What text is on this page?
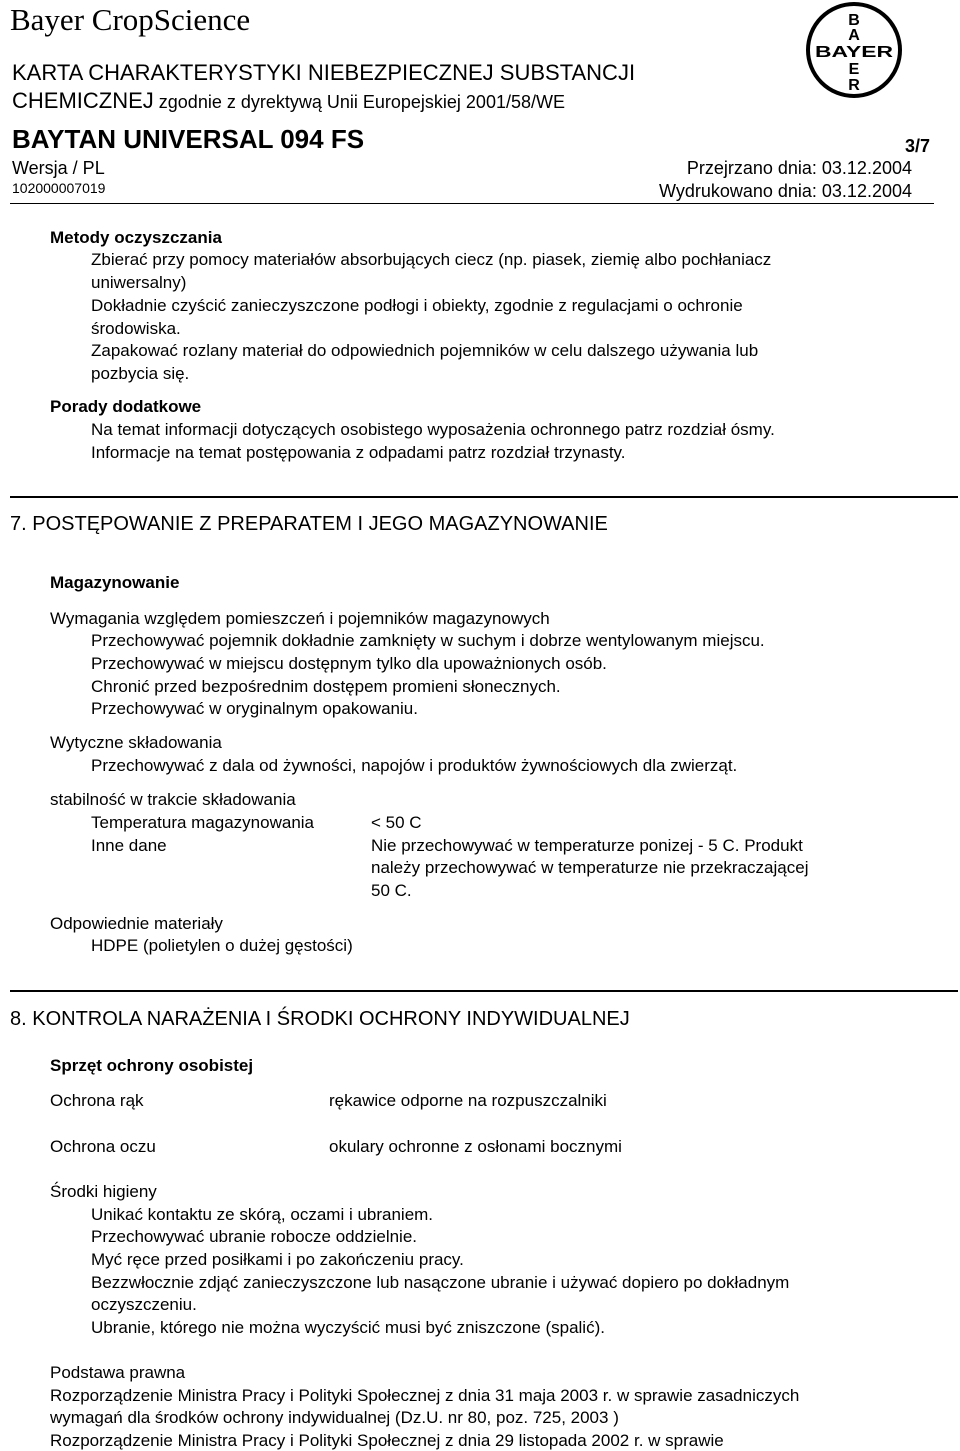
Bayer CropScience
KARTA CHARAKTERYSTYKI NIEBEZPIECZNEJ SUBSTANCJI
CHEMICZNEJ zgodnie z dyrektywą Unii Europejskiej 2001/58/WE
B
A
BAYER
E
R
BAYTAN UNIVERSAL 094 FS	3/7
Wersja / PL	Przejrzano dnia: 03.12.2004
102000007019	Wydrukowano dnia: 03.12.2004
Metody oczyszczania
Zbierać przy pomocy materiałów absorbujących ciecz (np. piasek, ziemię albo pochłaniacz
uniwersalny)
Dokładnie czyścić zanieczyszczone podłogi i obiekty, zgodnie z regulacjami o ochronie
środowiska.
Zapakować rozlany materiał do odpowiednich pojemników w celu dalszego używania lub
pozbycia się.
Porady dodatkowe
Na temat informacji dotyczących osobistego wyposażenia ochronnego patrz rozdział ósmy.
Informacje na temat postępowania z odpadami patrz rozdział trzynasty.
7. POSTĘPOWANIE Z PREPARATEM I JEGO MAGAZYNOWANIE
Magazynowanie
Wymagania względem pomieszczeń i pojemników magazynowych
Przechowywać pojemnik dokładnie zamknięty w suchym i dobrze wentylowanym miejscu.
Przechowywać w miejscu dostępnym tylko dla upoważnionych osób.
Chronić przed bezpośrednim dostępem promieni słonecznych.
Przechowywać w oryginalnym opakowaniu.
Wytyczne składowania
Przechowywać z dala od żywności, napojów i produktów żywnościowych dla zwierząt.
stabilność w trakcie składowania
Temperatura magazynowania	< 50 C
Inne dane	Nie przechowywać w temperaturze ponizej - 5 C. Produkt
należy przechowywać w temperaturze nie przekraczającej
50 C.
Odpowiednie materiały
HDPE (polietylen o dużej gęstości)
8. KONTROLA NARAŻENIA I ŚRODKI OCHRONY INDYWIDUALNEJ
Sprzęt ochrony osobistej
Ochrona rąk	rękawice odporne na rozpuszczalniki
Ochrona oczu	okulary ochronne z osłonami bocznymi
Środki higieny
Unikać kontaktu ze skórą, oczami i ubraniem.
Przechowywać ubranie robocze oddzielnie.
Myć ręce przed posiłkami i po zakończeniu pracy.
Bezzwłocznie zdjąć zanieczyszczone lub nasączone ubranie i używać dopiero po dokładnym
oczyszczeniu.
Ubranie, którego nie można wyczyścić musi być zniszczone (spalić).
Podstawa prawna
Rozporządzenie Ministra Pracy i Polityki Społecznej z dnia 31 maja 2003 r. w sprawie zasadniczych
wymagań dla środków ochrony indywidualnej (Dz.U. nr 80, poz. 725, 2003 )
Rozporządzenie Ministra Pracy i Polityki Społecznej z dnia 29 listopada 2002 r. w sprawie
